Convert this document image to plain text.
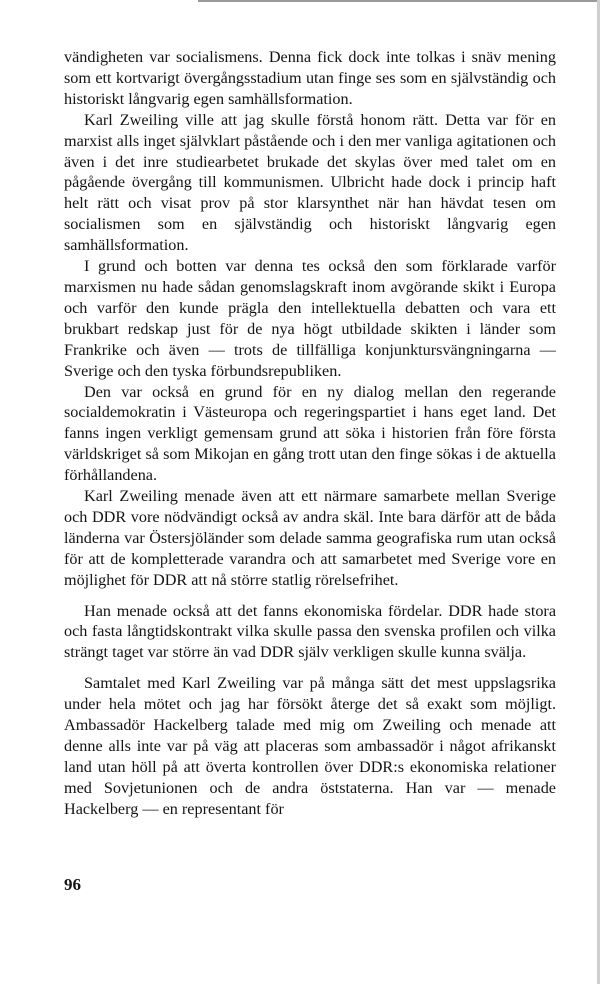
vändigheten var socialismens. Denna fick dock inte tolkas i snäv mening som ett kortvarigt övergångsstadium utan finge ses som en självständig och historiskt långvarig egen samhällsformation.

Karl Zweiling ville att jag skulle förstå honom rätt. Detta var för en marxist alls inget självklart påstående och i den mer vanliga agitationen och även i det inre studiearbetet brukade det skylas över med talet om en pågående övergång till kommunismen. Ulbricht hade dock i princip haft helt rätt och visat prov på stor klarsynthet när han hävdat tesen om socialismen som en självständig och historiskt långvarig egen samhällsformation.

I grund och botten var denna tes också den som förklarade varför marxismen nu hade sådan genomslagskraft inom avgörande skikt i Europa och varför den kunde prägla den intellektuella debatten och vara ett brukbart redskap just för de nya högt utbildade skikten i länder som Frankrike och även — trots de tillfälliga konjunktursvängningarna — Sverige och den tyska förbundsrepubliken.

Den var också en grund för en ny dialog mellan den regerande socialdemokratin i Västeuropa och regeringspartiet i hans eget land. Det fanns ingen verkligt gemensam grund att söka i historien från före första världskriget så som Mikojan en gång trott utan den finge sökas i de aktuella förhållandena.

Karl Zweiling menade även att ett närmare samarbete mellan Sverige och DDR vore nödvändigt också av andra skäl. Inte bara därför att de båda länderna var Östersjöländer som delade samma geografiska rum utan också för att de kompletterade varandra och att samarbetet med Sverige vore en möjlighet för DDR att nå större statlig rörelsefrihet.

Han menade också att det fanns ekonomiska fördelar. DDR hade stora och fasta långtidskontrakt vilka skulle passa den svenska profilen och vilka strängt taget var större än vad DDR själv verkligen skulle kunna svälja.

Samtalet med Karl Zweiling var på många sätt det mest uppslagsrika under hela mötet och jag har försökt återge det så exakt som möjligt. Ambassadör Hackelberg talade med mig om Zweiling och menade att denne alls inte var på väg att placeras som ambassadör i något afrikanskt land utan höll på att överta kontrollen över DDR:s ekonomiska relationer med Sovjetunionen och de andra öststaterna. Han var — menade Hackelberg — en representant för

96
